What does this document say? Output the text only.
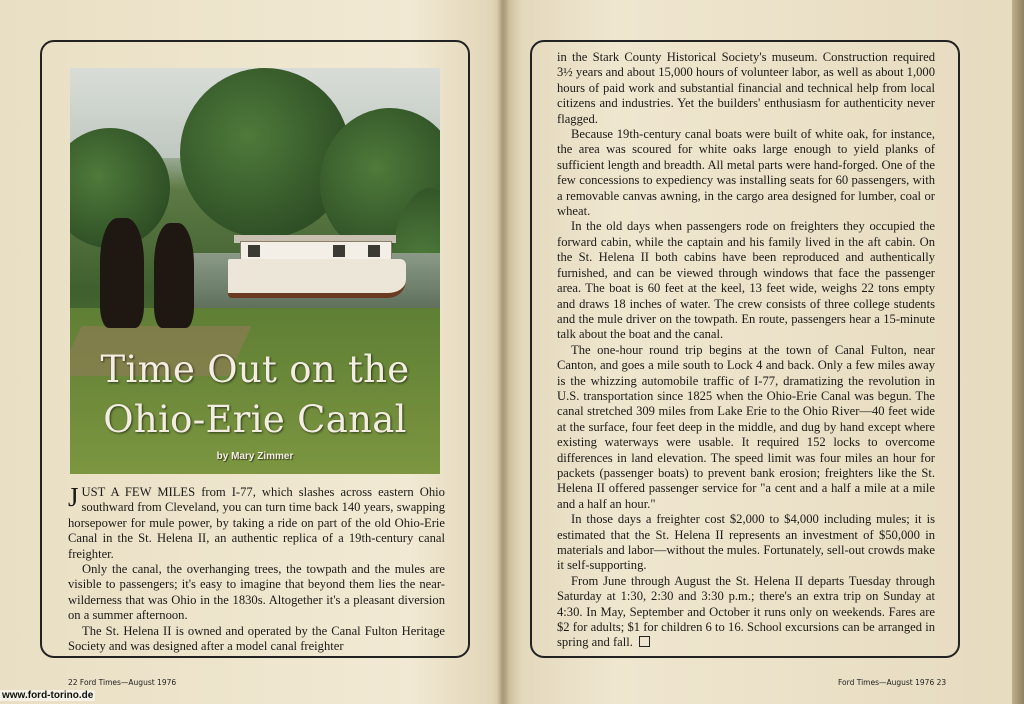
Time Out on the
Ohio-Erie Canal
by Mary Zimmer

JUST A FEW MILES from I-77, which slashes across eastern Ohio southward from Cleveland, you can turn time back 140 years, swapping horsepower for mule power, by taking a ride on part of the old Ohio-Erie Canal in the St. Helena II, an authentic replica of a 19th-century canal freighter.

Only the canal, the overhanging trees, the towpath and the mules are visible to passengers; it's easy to imagine that beyond them lies the near-wilderness that was Ohio in the 1830s. Altogether it's a pleasant diversion on a summer afternoon.

The St. Helena II is owned and operated by the Canal Fulton Heritage Society and was designed after a model canal freighter

in the Stark County Historical Society's museum. Construction required 3½ years and about 15,000 hours of volunteer labor, as well as about 1,000 hours of paid work and substantial financial and technical help from local citizens and industries. Yet the builders' enthusiasm for authenticity never flagged.

Because 19th-century canal boats were built of white oak, for instance, the area was scoured for white oaks large enough to yield planks of sufficient length and breadth. All metal parts were hand-forged. One of the few concessions to expediency was installing seats for 60 passengers, with a removable canvas awning, in the cargo area designed for lumber, coal or wheat.

In the old days when passengers rode on freighters they occupied the forward cabin, while the captain and his family lived in the aft cabin. On the St. Helena II both cabins have been reproduced and authentically furnished, and can be viewed through windows that face the passenger area. The boat is 60 feet at the keel, 13 feet wide, weighs 22 tons empty and draws 18 inches of water. The crew consists of three college students and the mule driver on the towpath. En route, passengers hear a 15-minute talk about the boat and the canal.

The one-hour round trip begins at the town of Canal Fulton, near Canton, and goes a mile south to Lock 4 and back. Only a few miles away is the whizzing automobile traffic of I-77, dramatizing the revolution in U.S. transportation since 1825 when the Ohio-Erie Canal was begun. The canal stretched 309 miles from Lake Erie to the Ohio River—40 feet wide at the surface, four feet deep in the middle, and dug by hand except where existing waterways were usable. It required 152 locks to overcome differences in land elevation. The speed limit was four miles an hour for packets (passenger boats) to prevent bank erosion; freighters like the St. Helena II offered passenger service for "a cent and a half a mile at a mile and a half an hour."

In those days a freighter cost $2,000 to $4,000 including mules; it is estimated that the St. Helena II represents an investment of $50,000 in materials and labor—without the mules. Fortunately, sell-out crowds make it self-supporting.

From June through August the St. Helena II departs Tuesday through Saturday at 1:30, 2:30 and 3:30 p.m.; there's an extra trip on Sunday at 4:30. In May, September and October it runs only on weekends. Fares are $2 for adults; $1 for children 6 to 16. School excursions can be arranged in spring and fall.

22 Ford Times—August 1976	Ford Times—August 1976 23
www.ford-torino.de
